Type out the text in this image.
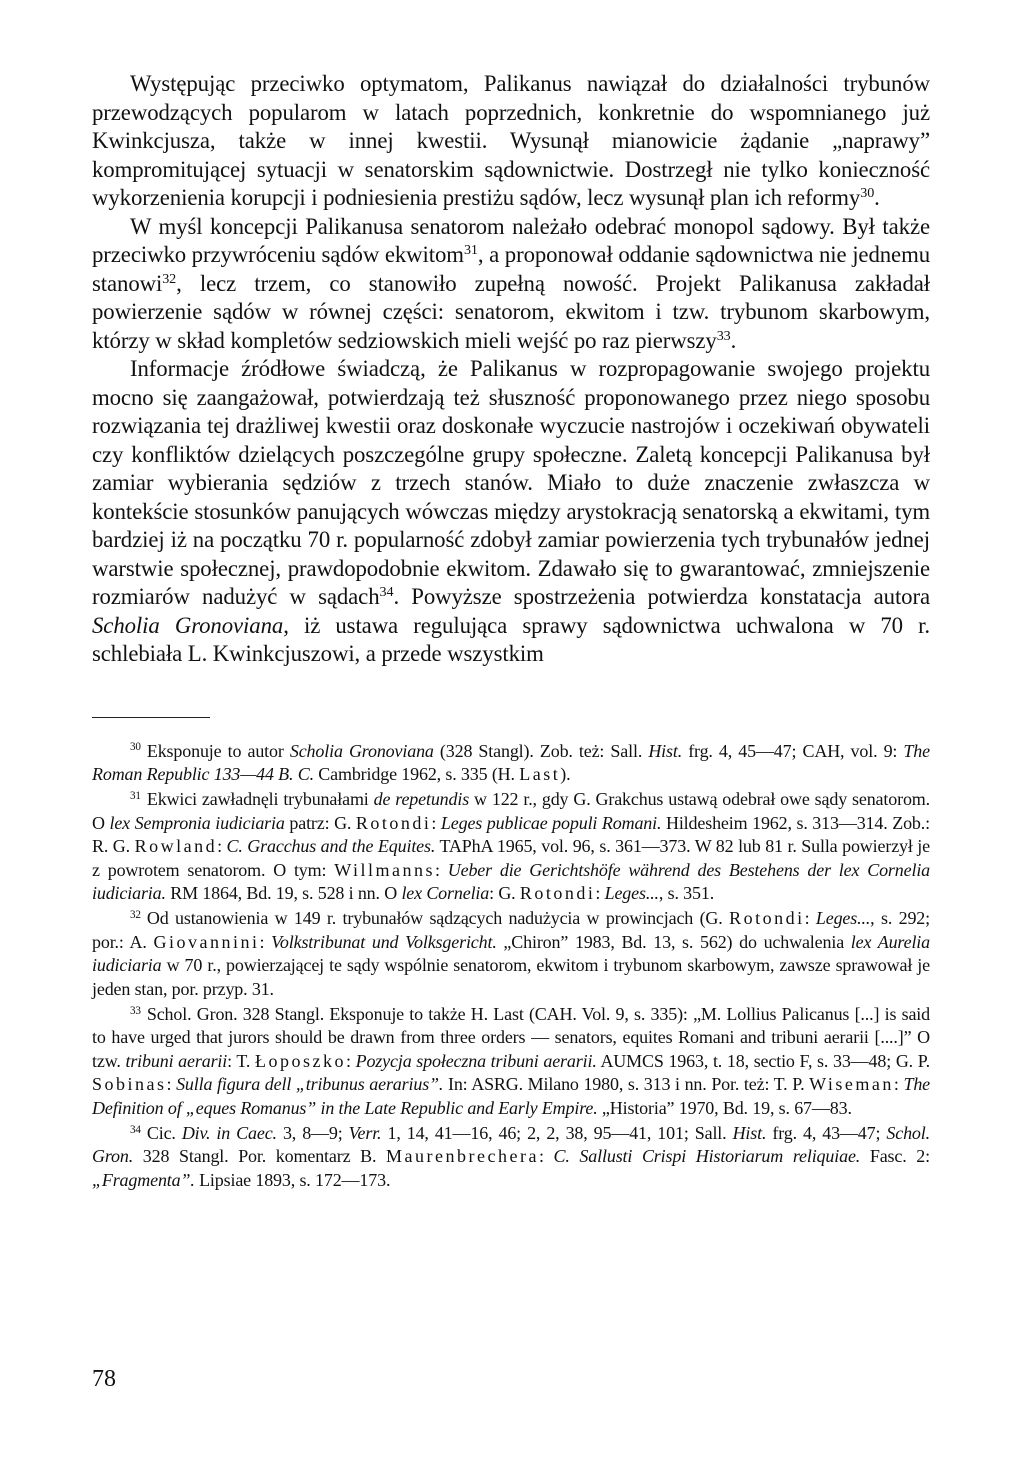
Występując przeciwko optymatom, Palikanus nawiązał do działalności trybunów przewodzących popularom w latach poprzednich, konkretnie do wspomnianego już Kwinkcjusza, także w innej kwestii. Wysunął mianowicie żądanie „naprawy” kompromitującej sytuacji w senatorskim sądownictwie. Dostrzegł nie tylko konieczność wykorzenienia korupcji i podniesienia prestiżu sądów, lecz wysunął plan ich reformy$^{30}$.

W myśl koncepcji Palikanusa senatorom należało odebrać monopol sądowy. Był także przeciwko przywróceniu sądów ekwitom$^{31}$, a proponował oddanie sądownictwa nie jednemu stanowi$^{32}$, lecz trzem, co stanowiło zupełną nowość. Projekt Palikanusa zakładał powierzenie sądów w równej części: senatorom, ekwitom i tzw. trybunom skarbowym, którzy w skład kompletów sedziowskich mieli wejść po raz pierwszy$^{33}$.

Informacje źródłowe świadczą, że Palikanus w rozpropagowanie swojego projektu mocno się zaangażował, potwierdzają też słuszność proponowanego przez niego sposobu rozwiązania tej drażliwej kwestii oraz doskonałe wyczucie nastrojów i oczekiwań obywateli czy konfliktów dzielących poszczególne grupy społeczne. Zaletą koncepcji Palikanusa był zamiar wybierania sędziów z trzech stanów. Miało to duże znaczenie zwłaszcza w kontekście stosunków panujących wówczas między arystokracją senatorską a ekwitami, tym bardziej iż na początku 70 r. popularność zdobył zamiar powierzenia tych trybunałów jednej warstwie społecznej, prawdopodobnie ekwitom. Zdawało się to gwarantować, zmniejszenie rozmiarów nadużyć w sądach$^{34}$. Powyższe spostrzeżenia potwierdza konstatacja autora Scholia Gronoviana, iż ustawa regulująca sprawy sądownictwa uchwalona w 70 r. schlebiała L. Kwinkcjuszowi, a przede wszystkim

$^{30}$ Eksponuje to autor Scholia Gronoviana (328 Stangl). Zob. też: Sall. Hist. frg. 4, 45—47; CAH, vol. 9: The Roman Republic 133—44 B. C. Cambridge 1962, s. 335 (H. Last).

$^{31}$ Ekwici zawładnęli trybunałami de repetundis w 122 r., gdy G. Grakchus ustawą odebrał owe sądy senatorom. O lex Sempronia iudiciaria patrz: G. Rotondi: Leges publicae populi Romani. Hildesheim 1962, s. 313—314. Zob.: R. G. Rowland: C. Gracchus and the Equites. TAPhA 1965, vol. 96, s. 361—373. W 82 lub 81 r. Sulla powierzył je z powrotem senatorom. O tym: Willmanns: Ueber die Gerichtshöfe während des Bestehens der lex Cornelia iudiciaria. RM 1864, Bd. 19, s. 528 i nn. O lex Cornelia: G. Rotondi: Leges..., s. 351.

$^{32}$ Od ustanowienia w 149 r. trybunałów sądzących nadużycia w prowincjach (G. Rotondi: Leges..., s. 292; por.: A. Giovannini: Volkstribunat und Volksgericht. „Chiron” 1983, Bd. 13, s. 562) do uchwalenia lex Aurelia iudiciaria w 70 r., powierzającej te sądy wspólnie senatorom, ekwitom i trybunom skarbowym, zawsze sprawował je jeden stan, por. przyp. 31.

$^{33}$ Schol. Gron. 328 Stangl. Eksponuje to także H. Last (CAH. Vol. 9, s. 335): „M. Lollius Palicanus [...] is said to have urged that jurors should be drawn from three orders — senators, equites Romani and tribuni aerarii [....]” O tzw. tribuni aerarii: T. Łoposzko: Pozycja społeczna tribuni aerarii. AUMCS 1963, t. 18, sectio F, s. 33—48; G. P. Sobinas: Sulla figura dell „tribunus aerarius”. In: ASRG. Milano 1980, s. 313 i nn. Por. też: T. P. Wiseman: The Definition of „eques Romanus” in the Late Republic and Early Empire. „Historia” 1970, Bd. 19, s. 67—83.

$^{34}$ Cic. Div. in Caec. 3, 8—9; Verr. 1, 14, 41—16, 46; 2, 2, 38, 95—41, 101; Sall. Hist. frg. 4, 43—47; Schol. Gron. 328 Stangl. Por. komentarz B. Maurenbrechera: C. Sallusti Crispi Historiarum reliquiae. Fasc. 2: „Fragmenta”. Lipsiae 1893, s. 172—173.

78
